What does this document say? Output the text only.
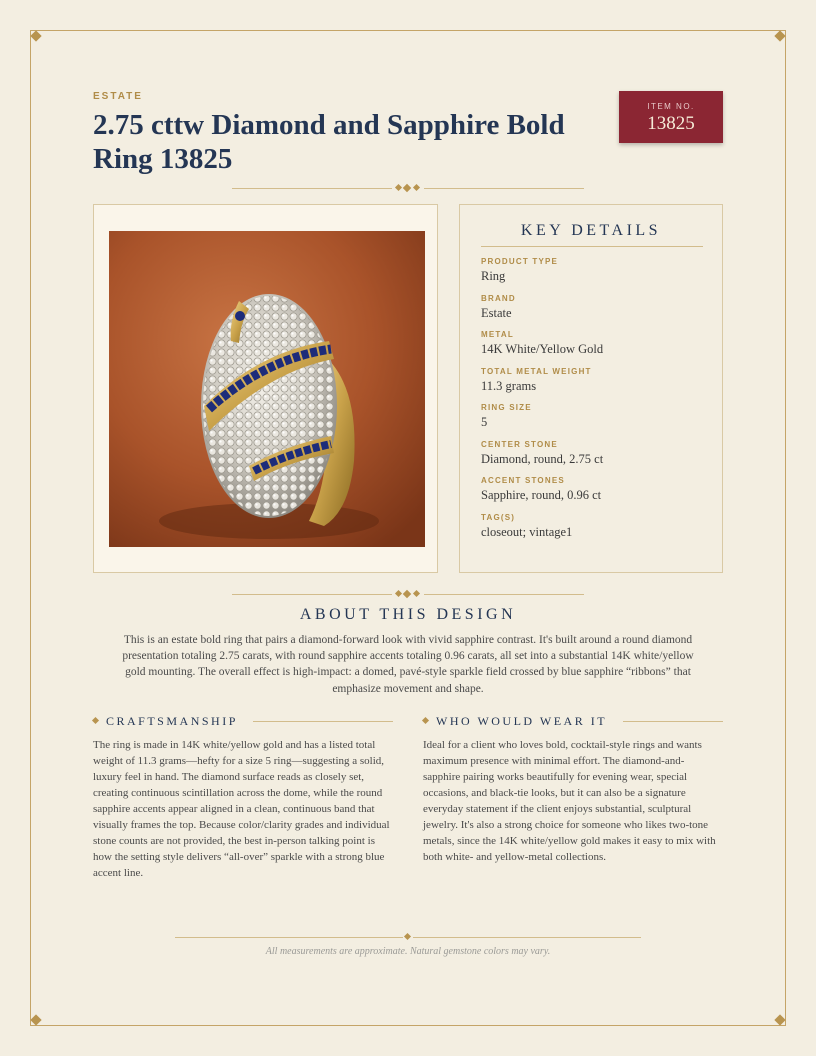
ESTATE
2.75 cttw Diamond and Sapphire Bold Ring 13825
ITEM NO.
13825
KEY DETAILS
PRODUCT TYPE
Ring
BRAND
Estate
METAL
14K White/Yellow Gold
TOTAL METAL WEIGHT
11.3 grams
RING SIZE
5
CENTER STONE
Diamond, round, 2.75 ct
ACCENT STONES
Sapphire, round, 0.96 ct
TAG(S)
closeout; vintage1
ABOUT THIS DESIGN
This is an estate bold ring that pairs a diamond-forward look with vivid sapphire contrast. It's built around a round diamond presentation totaling 2.75 carats, with round sapphire accents totaling 0.96 carats, all set into a substantial 14K white/yellow gold mounting. The overall effect is high-impact: a domed, pavé-style sparkle field crossed by blue sapphire “ribbons” that emphasize movement and shape.
CRAFTSMANSHIP
The ring is made in 14K white/yellow gold and has a listed total weight of 11.3 grams—hefty for a size 5 ring—suggesting a solid, luxury feel in hand. The diamond surface reads as closely set, creating continuous scintillation across the dome, while the round sapphire accents appear aligned in a clean, continuous band that visually frames the top. Because color/clarity grades and individual stone counts are not provided, the best in-person talking point is how the setting style delivers “all-over” sparkle with a strong blue accent line.
WHO WOULD WEAR IT
Ideal for a client who loves bold, cocktail-style rings and wants maximum presence with minimal effort. The diamond-and-sapphire pairing works beautifully for evening wear, special occasions, and black-tie looks, but it can also be a signature everyday statement if the client enjoys substantial, sculptural jewelry. It's also a strong choice for someone who likes two-tone metals, since the 14K white/yellow gold makes it easy to mix with both white- and yellow-metal collections.
All measurements are approximate. Natural gemstone colors may vary.
